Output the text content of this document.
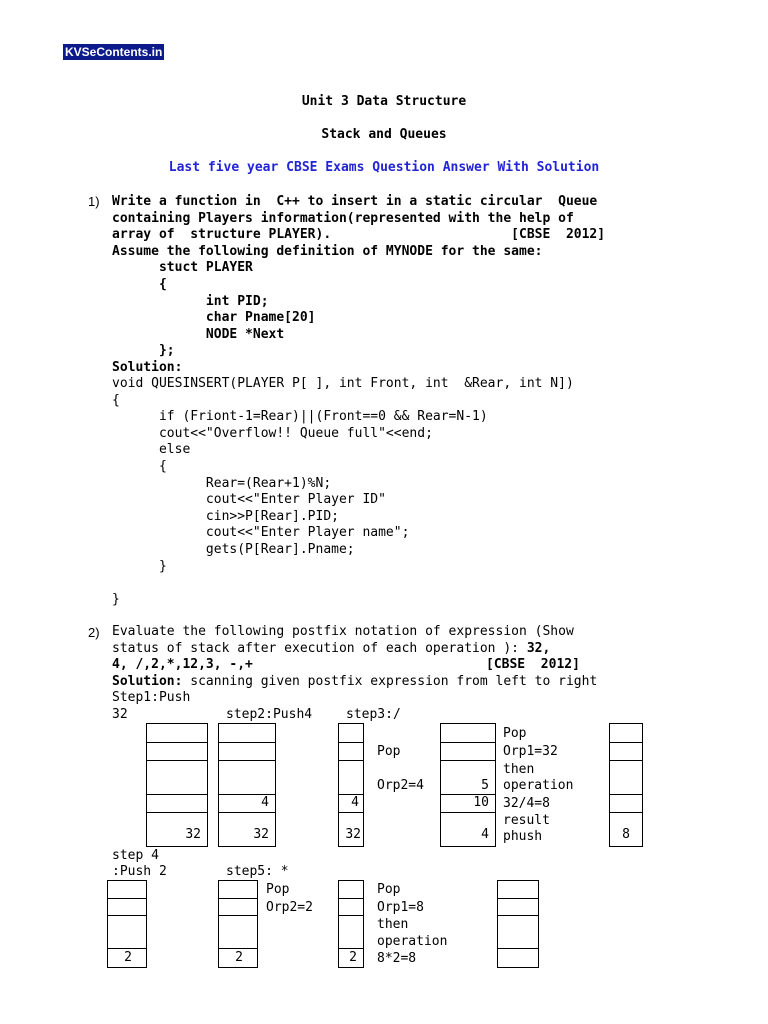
KVSeContents.in
Unit 3 Data Structure
Stack and Queues
Last five year CBSE Exams Question Answer With Solution
1) Write a function in  C++ to insert in a static circular  Queue
containing Players information(represented with the help of
array of  structure PLAYER).                       [CBSE  2012]
Assume the following definition of MYNODE for the same:
stuct PLAYER
{
int PID;
char Pname[20]
NODE *Next
};
Solution:
void QUESINSERT(PLAYER P[ ], int Front, int  &Rear, int N])
{
if (Friont-1=Rear)||(Front==0 && Rear=N-1)
cout<<"Overflow!! Queue full"<<end;
else
{
Rear=(Rear+1)%N;
cout<<"Enter Player ID"
cin>>P[Rear].PID;
cout<<"Enter Player name";
gets(P[Rear].Pname;
}
}
2) Evaluate the following postfix notation of expression (Show
status of stack after execution of each operation ): 32,
4, /,2,*,12,3, -,+	[CBSE  2012]
Solution: scanning given postfix expression from left to right
Step1:Push
32	step2:Push4	step3:/
Pop
Pop	Orp1=32
then
Orp2=4	operation
32/4=8
result
phush
32
4
32
4
32
5
10
4	8
step 4
:Push 2	step5: *
Pop
Orp2=2
Pop
Orp1=8
then
operation
8*2=8
2	2	2
